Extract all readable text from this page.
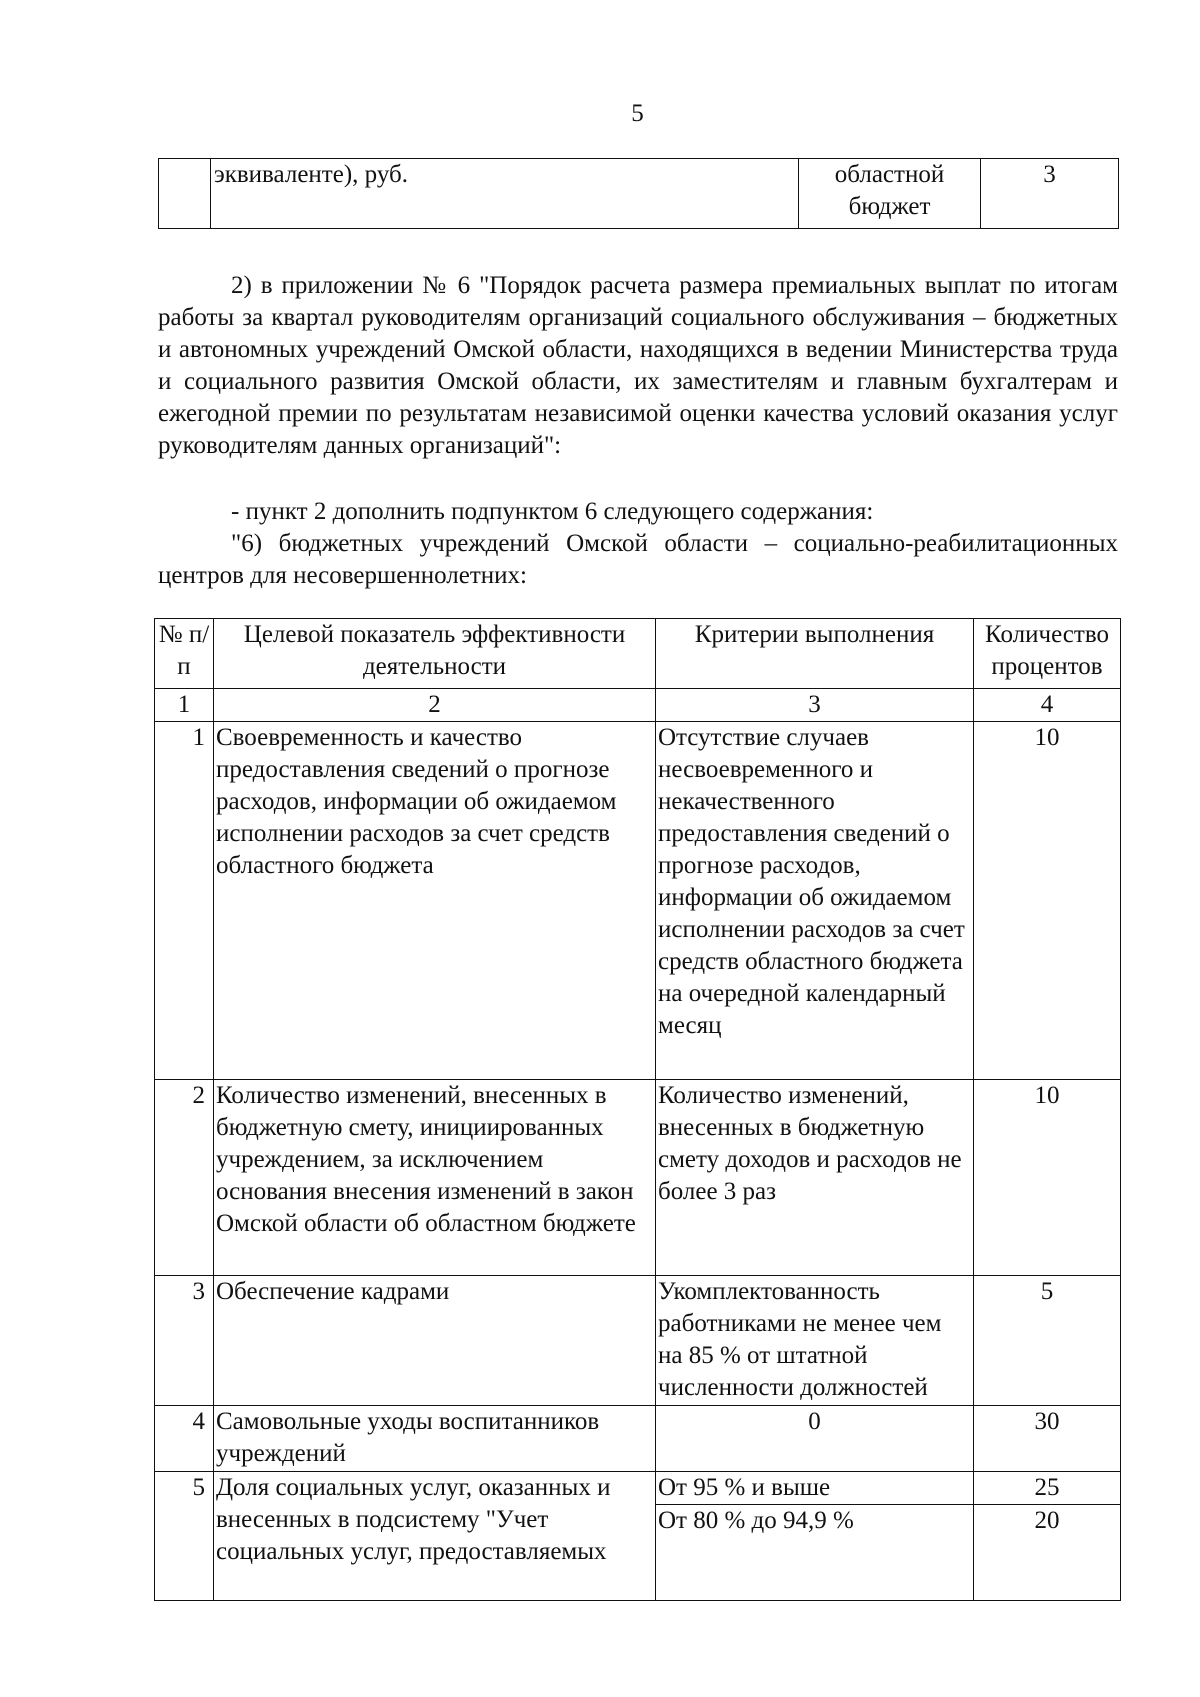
5
	эквиваленте), руб.	областной бюджет	3

2) в приложении № 6 "Порядок расчета размера премиальных выплат по итогам работы за квартал руководителям организаций социального обслуживания – бюджетных и автономных учреждений Омской области, находящихся в ведении Министерства труда и социального развития Омской области, их заместителям и главным бухгалтерам и ежегодной премии по результатам независимой оценки качества условий оказания услуг руководителям данных организаций":

- пункт 2 дополнить подпунктом 6 следующего содержания:

"6) бюджетных учреждений Омской области – социально-реабилитационных центров для несовершеннолетних:

№ п/п	Целевой показатель эффективности деятельности	Критерии выполнения	Количество процентов
1	2	3	4
1	Своевременность и качество предоставления сведений о прогнозе расходов, информации об ожидаемом исполнении расходов за счет средств областного бюджета	Отсутствие случаев несвоевременного и некачественного предоставления сведений о прогнозе расходов, информации об ожидаемом исполнении расходов за счет средств областного бюджета на очередной календарный месяц	10
2	Количество изменений, внесенных в бюджетную смету, инициированных учреждением, за исключением основания внесения изменений в закон Омской области об областном бюджете	Количество изменений, внесенных в бюджетную смету доходов и расходов не более 3 раз	10
3	Обеспечение кадрами	Укомплектованность работниками не менее чем на 85 % от штатной численности должностей	5
4	Самовольные уходы воспитанников учреждений	0	30
5	Доля социальных услуг, оказанных и внесенных в подсистему "Учет социальных услуг, предоставляемых	От 95 % и выше	25
		От 80 % до 94,9 %	20
